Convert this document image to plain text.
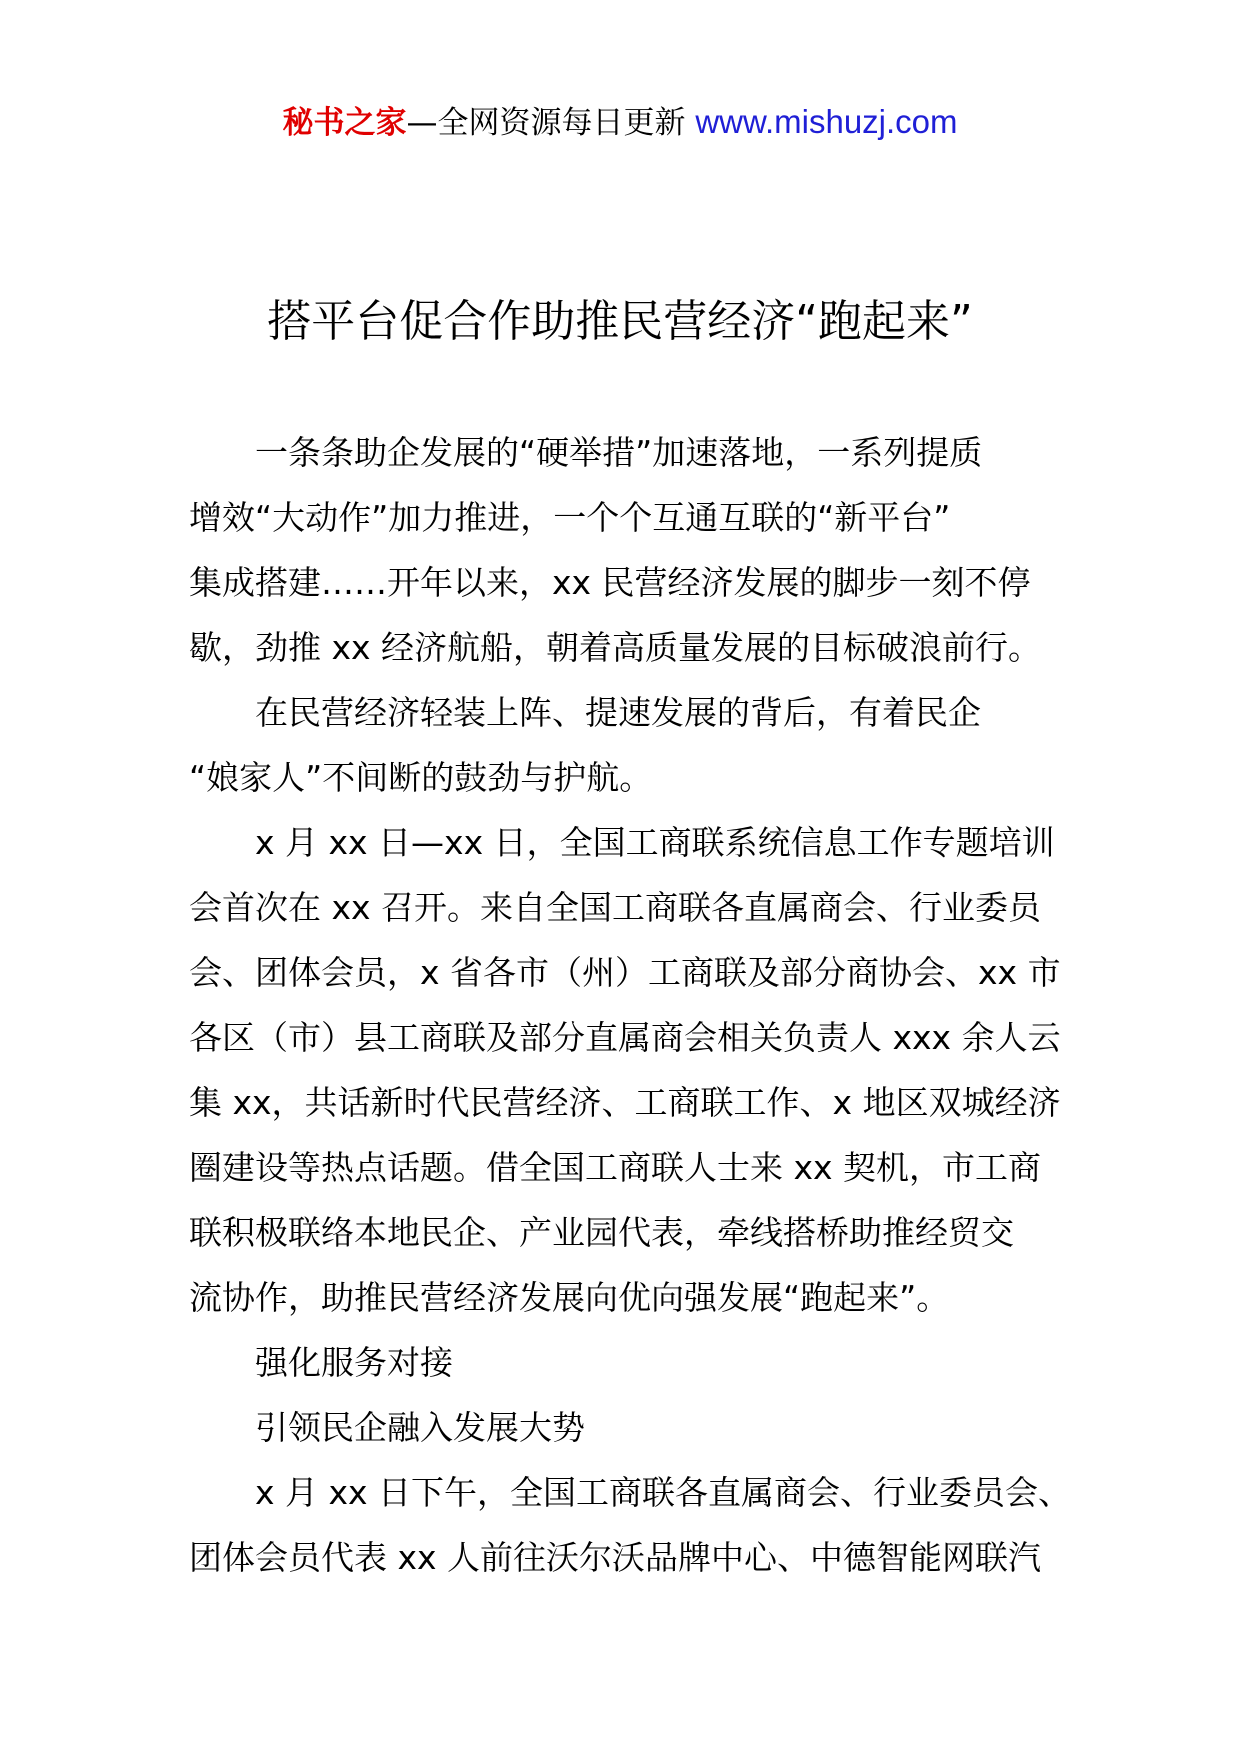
秘书之家—全网资源每日更新 www.mishuzj.com
搭平台促合作助推民营经济“跑起来”

一条条助企发展的“硬举措”加速落地，一系列提质
增效“大动作”加力推进，一个个互通互联的“新平台”
集成搭建……开年以来，xx 民营经济发展的脚步一刻不停
歇，劲推 xx 经济航船，朝着高质量发展的目标破浪前行。

在民营经济轻装上阵、提速发展的背后，有着民企
“娘家人”不间断的鼓劲与护航。

x 月 xx 日—xx 日，全国工商联系统信息工作专题培训
会首次在 xx 召开。来自全国工商联各直属商会、行业委员
会、团体会员，x 省各市（州）工商联及部分商协会、xx 市
各区（市）县工商联及部分直属商会相关负责人 xxx 余人云
集 xx，共话新时代民营经济、工商联工作、x 地区双城经济
圈建设等热点话题。借全国工商联人士来 xx 契机，市工商
联积极联络本地民企、产业园代表，牵线搭桥助推经贸交
流协作，助推民营经济发展向优向强发展“跑起来”。

强化服务对接

引领民企融入发展大势

x 月 xx 日下午，全国工商联各直属商会、行业委员会、
团体会员代表 xx 人前往沃尔沃品牌中心、中德智能网联汽
